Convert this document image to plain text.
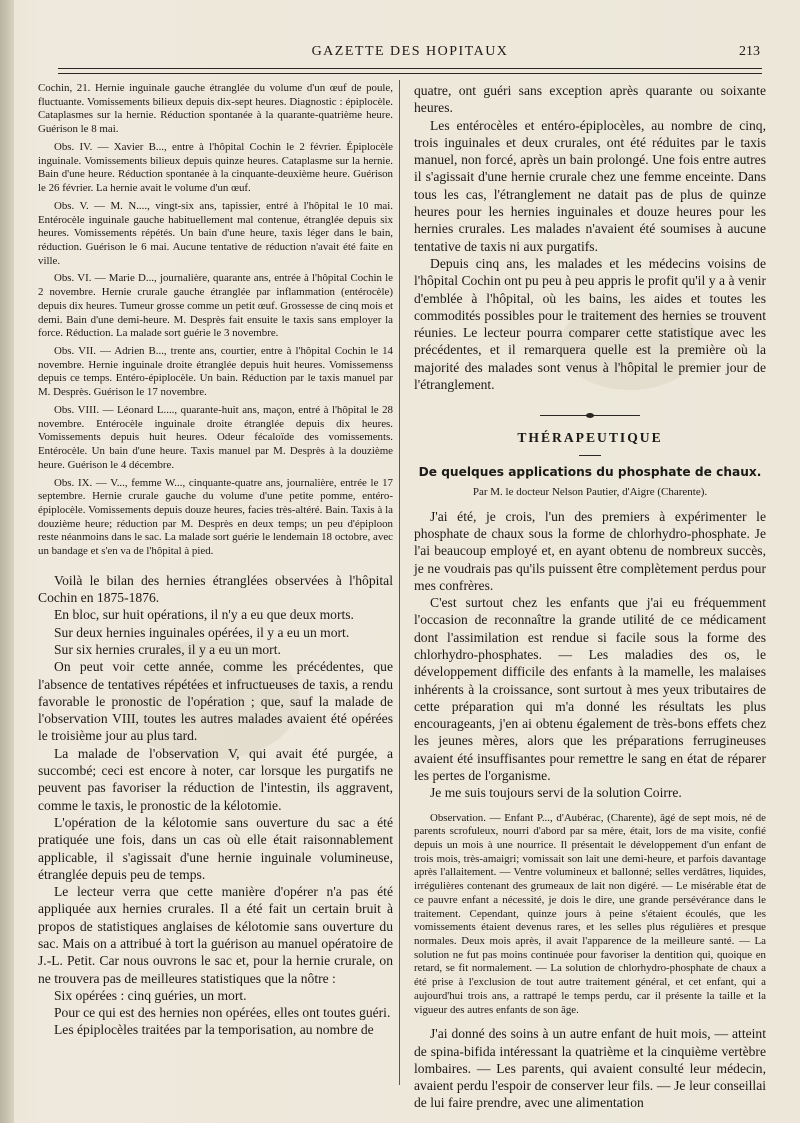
GAZETTE DES HOPITAUX	213

Cochin, 21. Hernie inguinale gauche étranglée du volume d'un œuf de poule, fluctuante. Vomissements bilieux depuis dix-sept heures. Diagnostic : épiplocèle. Cataplasmes sur la hernie. Réduction spontanée à la quarante-quatrième heure. Guérison le 8 mai.

Obs. IV. — Xavier B..., entre à l'hôpital Cochin le 2 février. Épiplocèle inguinale. Vomissements bilieux depuis quinze heures. Cataplasme sur la hernie. Bain d'une heure. Réduction spontanée à la cinquante-deuxième heure. Guérison le 26 février. La hernie avait le volume d'un œuf.

Obs. V. — M. N...., vingt-six ans, tapissier, entré à l'hôpital le 10 mai. Entérocèle inguinale gauche habituellement mal contenue, étranglée depuis six heures. Vomissements répétés. Un bain d'une heure, taxis léger dans le bain, réduction. Guérison le 6 mai. Aucune tentative de réduction n'avait été faite en ville.

Obs. VI. — Marie D..., journalière, quarante ans, entrée à l'hôpital Cochin le 2 novembre. Hernie crurale gauche étranglée par inflammation (entérocèle) depuis dix heures. Tumeur grosse comme un petit œuf. Grossesse de cinq mois et demi. Bain d'une demi-heure. M. Desprès fait ensuite le taxis sans employer la force. Réduction. La malade sort guérie le 3 novembre.

Obs. VII. — Adrien B..., trente ans, courtier, entre à l'hôpital Cochin le 14 novembre. Hernie inguinale droite étranglée depuis huit heures. Vomissemenss depuis ce temps. Entéro-épiplocèle. Un bain. Réduction par le taxis manuel par M. Desprès. Guérison le 17 novembre.

Obs. VIII. — Léonard L...., quarante-huit ans, maçon, entré à l'hôpital le 28 novembre. Entérocèle inguinale droite étranglée depuis dix heures. Vomissements depuis huit heures. Odeur fécaloïde des vomissements. Entérocèle. Un bain d'une heure. Taxis manuel par M. Desprès à la douzième heure. Guérison le 4 décembre.

Obs. IX. — V..., femme W..., cinquante-quatre ans, journalière, entrée le 17 septembre. Hernie crurale gauche du volume d'une petite pomme, entéro-épiplocèle. Vomissements depuis douze heures, facies très-altéré. Bain. Taxis à la douzième heure; réduction par M. Desprès en deux temps; un peu d'épiploon reste néanmoins dans le sac. La malade sort guérie le lendemain 18 octobre, avec un bandage et s'en va de l'hôpital à pied.

Voilà le bilan des hernies étranglées observées à l'hôpital Cochin en 1875-1876.

En bloc, sur huit opérations, il n'y a eu que deux morts.

Sur deux hernies inguinales opérées, il y a eu un mort.

Sur six hernies crurales, il y a eu un mort.

On peut voir cette année, comme les précédentes, que l'absence de tentatives répétées et infructueuses de taxis, a rendu favorable le pronostic de l'opération ; que, sauf la malade de l'observation VIII, toutes les autres malades avaient été opérées le troisième jour au plus tard.

La malade de l'observation V, qui avait été purgée, a succombé; ceci est encore à noter, car lorsque les purgatifs ne peuvent pas favoriser la réduction de l'intestin, ils aggravent, comme le taxis, le pronostic de la kélotomie.

L'opération de la kélotomie sans ouverture du sac a été pratiquée une fois, dans un cas où elle était raisonnablement applicable, il s'agissait d'une hernie inguinale volumineuse, étranglée depuis peu de temps.

Le lecteur verra que cette manière d'opérer n'a pas été appliquée aux hernies crurales. Il a été fait un certain bruit à propos de statistiques anglaises de kélotomie sans ouverture du sac. Mais on a attribué à tort la guérison au manuel opératoire de J.-L. Petit. Car nous ouvrons le sac et, pour la hernie crurale, on ne trouvera pas de meilleures statistiques que la nôtre :

Six opérées : cinq guéries, un mort.

Pour ce qui est des hernies non opérées, elles ont toutes guéri.

Les épiplocèles traitées par la temporisation, au nombre de

quatre, ont guéri sans exception après quarante ou soixante heures.

Les entérocèles et entéro-épiplocèles, au nombre de cinq, trois inguinales et deux crurales, ont été réduites par le taxis manuel, non forcé, après un bain prolongé. Une fois entre autres il s'agissait d'une hernie crurale chez une femme enceinte. Dans tous les cas, l'étranglement ne datait pas de plus de quinze heures pour les hernies inguinales et douze heures pour les hernies crurales. Les malades n'avaient été soumises à aucune tentative de taxis ni aux purgatifs.

Depuis cinq ans, les malades et les médecins voisins de l'hôpital Cochin ont pu peu à peu appris le profit qu'il y a à venir d'emblée à l'hôpital, où les bains, les aides et toutes les commodités possibles pour le traitement des hernies se trouvent réunies. Le lecteur pourra comparer cette statistique avec les précédentes, et il remarquera quelle est la première où la majorité des malades sont venus à l'hôpital le premier jour de l'étranglement.

THÉRAPEUTIQUE
De quelques applications du phosphate de chaux.
Par M. le docteur Nelson Pautier, d'Aigre (Charente).

J'ai été, je crois, l'un des premiers à expérimenter le phosphate de chaux sous la forme de chlorhydro-phosphate. Je l'ai beaucoup employé et, en ayant obtenu de nombreux succès, je ne voudrais pas qu'ils puissent être complètement perdus pour mes confrères.

C'est surtout chez les enfants que j'ai eu fréquemment l'occasion de reconnaître la grande utilité de ce médicament dont l'assimilation est rendue si facile sous la forme des chlorhydro-phosphates. — Les maladies des os, le développement difficile des enfants à la mamelle, les malaises inhérents à la croissance, sont surtout à mes yeux tributaires de cette préparation qui m'a donné les résultats les plus encourageants, j'en ai obtenu également de très-bons effets chez les jeunes mères, alors que les préparations ferrugineuses avaient été insuffisantes pour remettre le sang en état de réparer les pertes de l'organisme.

Je me suis toujours servi de la solution Coirre.

Observation. — Enfant P..., d'Aubérac, (Charente), âgé de sept mois, né de parents scrofuleux, nourri d'abord par sa mère, était, lors de ma visite, confié depuis un mois à une nourrice. Il présentait le développement d'un enfant de trois mois, très-amaigri; vomissait son lait une demi-heure, et parfois davantage après l'allaitement. — Ventre volumineux et ballonné; selles verdâtres, liquides, irrégulières contenant des grumeaux de lait non digéré. — Le misérable état de ce pauvre enfant a nécessité, je dois le dire, une grande persévérance dans le traitement. Cependant, quinze jours à peine s'étaient écoulés, que les vomissements étaient devenus rares, et les selles plus régulières et presque normales. Deux mois après, il avait l'apparence de la meilleure santé. — La solution ne fut pas moins continuée pour favoriser la dentition qui, quoique en retard, se fit normalement. — La solution de chlorhydro-phosphate de chaux a été prise à l'exclusion de tout autre traitement général, et cet enfant, qui a aujourd'hui trois ans, a rattrapé le temps perdu, car il présente la taille et la vigueur des autres enfants de son âge.

J'ai donné des soins à un autre enfant de huit mois, — atteint de spina-bifida intéressant la quatrième et la cinquième vertèbre lombaires. — Les parents, qui avaient consulté leur médecin, avaient perdu l'espoir de conserver leur fils. — Je leur conseillai de lui faire prendre, avec une alimentation
